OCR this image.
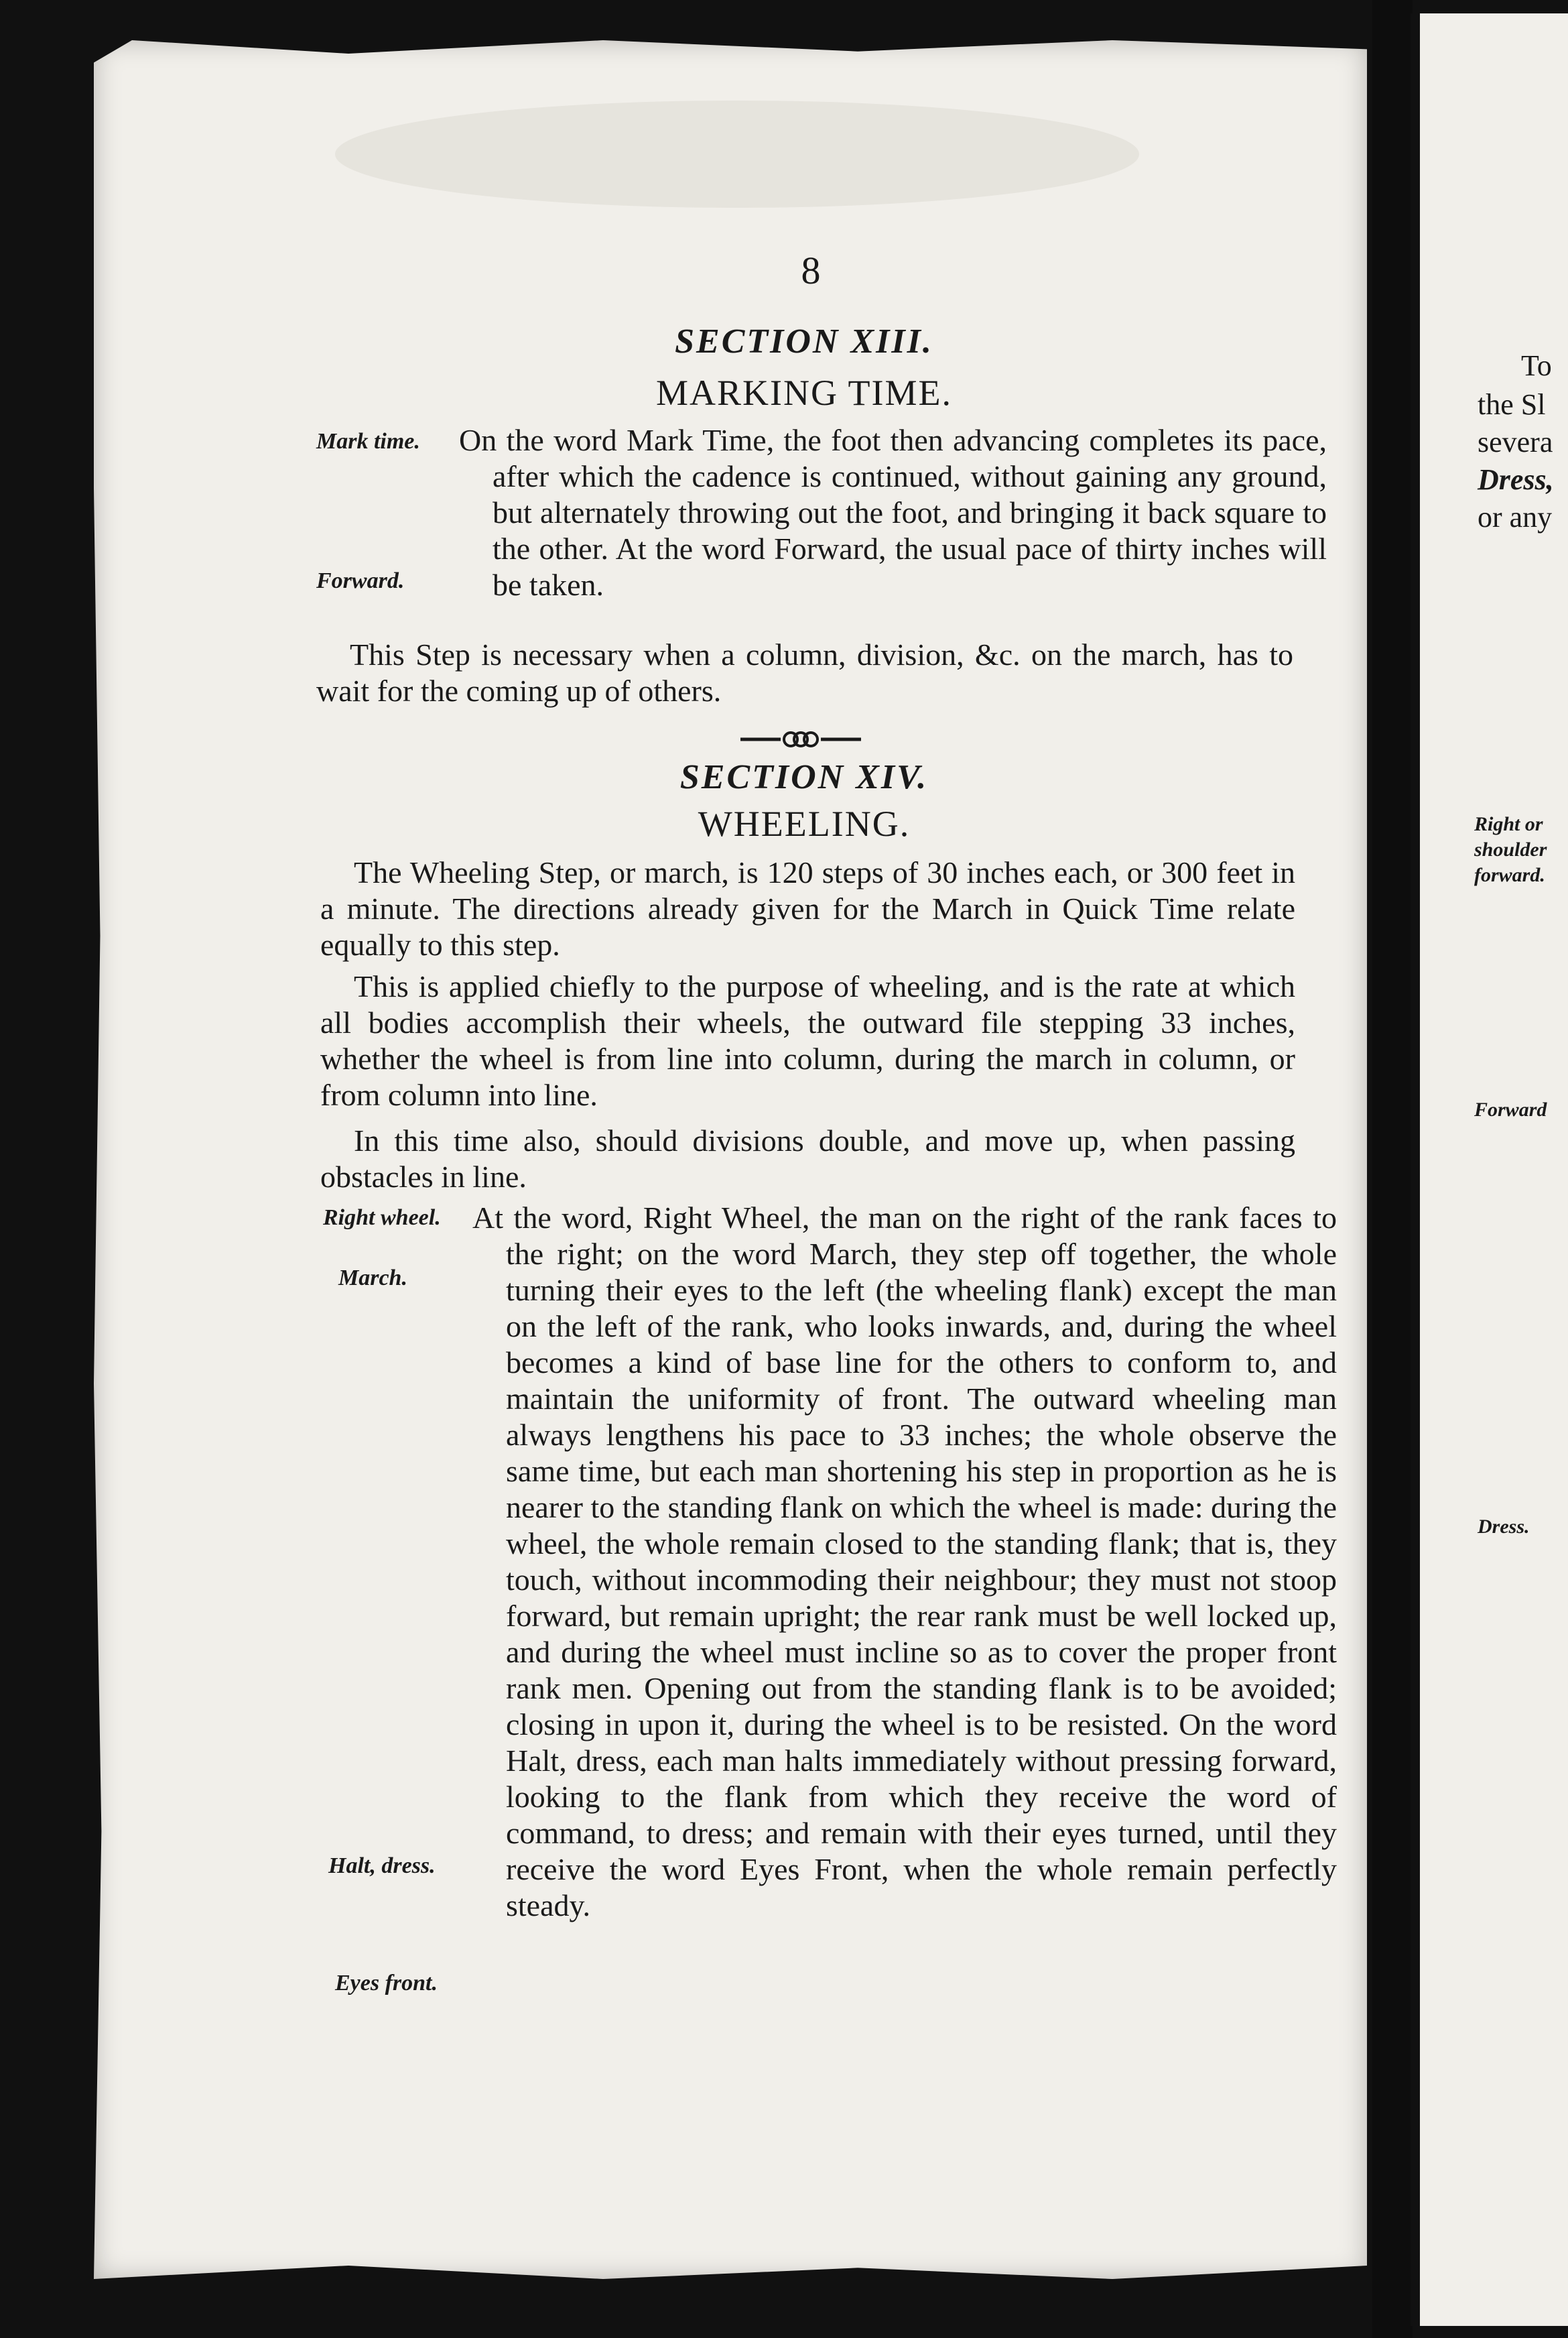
8
SECTION XIII.
MARKING TIME.
Mark time.
Forward.

On the word Mark Time, the foot then advancing completes its pace, after which the cadence is continued, without gaining any ground, but alternately throwing out the foot, and bringing it back square to the other. At the word Forward, the usual pace of thirty inches will be taken.

This Step is necessary when a column, division, &c. on the march, has to wait for the coming up of others.

SECTION XIV.
WHEELING.

The Wheeling Step, or march, is 120 steps of 30 inches each, or 300 feet in a minute. The directions already given for the March in Quick Time relate equally to this step.

This is applied chiefly to the purpose of wheeling, and is the rate at which all bodies accomplish their wheels, the outward file stepping 33 inches, whether the wheel is from line into column, during the march in column, or from column into line.

In this time also, should divisions double, and move up, when passing obstacles in line.

Right wheel.
March.
Halt, dress.
Eyes front.

At the word, Right Wheel, the man on the right of the rank faces to the right; on the word March, they step off together, the whole turning their eyes to the left (the wheeling flank) except the man on the left of the rank, who looks inwards, and, during the wheel becomes a kind of base line for the others to conform to, and maintain the uniformity of front. The outward wheeling man always lengthens his pace to 33 inches; the whole observe the same time, but each man shortening his step in proportion as he is nearer to the standing flank on which the wheel is made: during the wheel, the whole remain closed to the standing flank; that is, they touch, without incommoding their neighbour; they must not stoop forward, but remain upright; the rear rank must be well locked up, and during the wheel must incline so as to cover the proper front rank men. Opening out from the standing flank is to be avoided; closing in upon it, during the wheel is to be resisted. On the word Halt, dress, each man halts immediately without pressing forward, looking to the flank from which they receive the word of command, to dress; and remain with their eyes turned, until they receive the word Eyes Front, when the whole remain perfectly steady.

To
the Sl
severa
Dress,
or any
Right or
shoulder
forward.
Forward
Dress.
